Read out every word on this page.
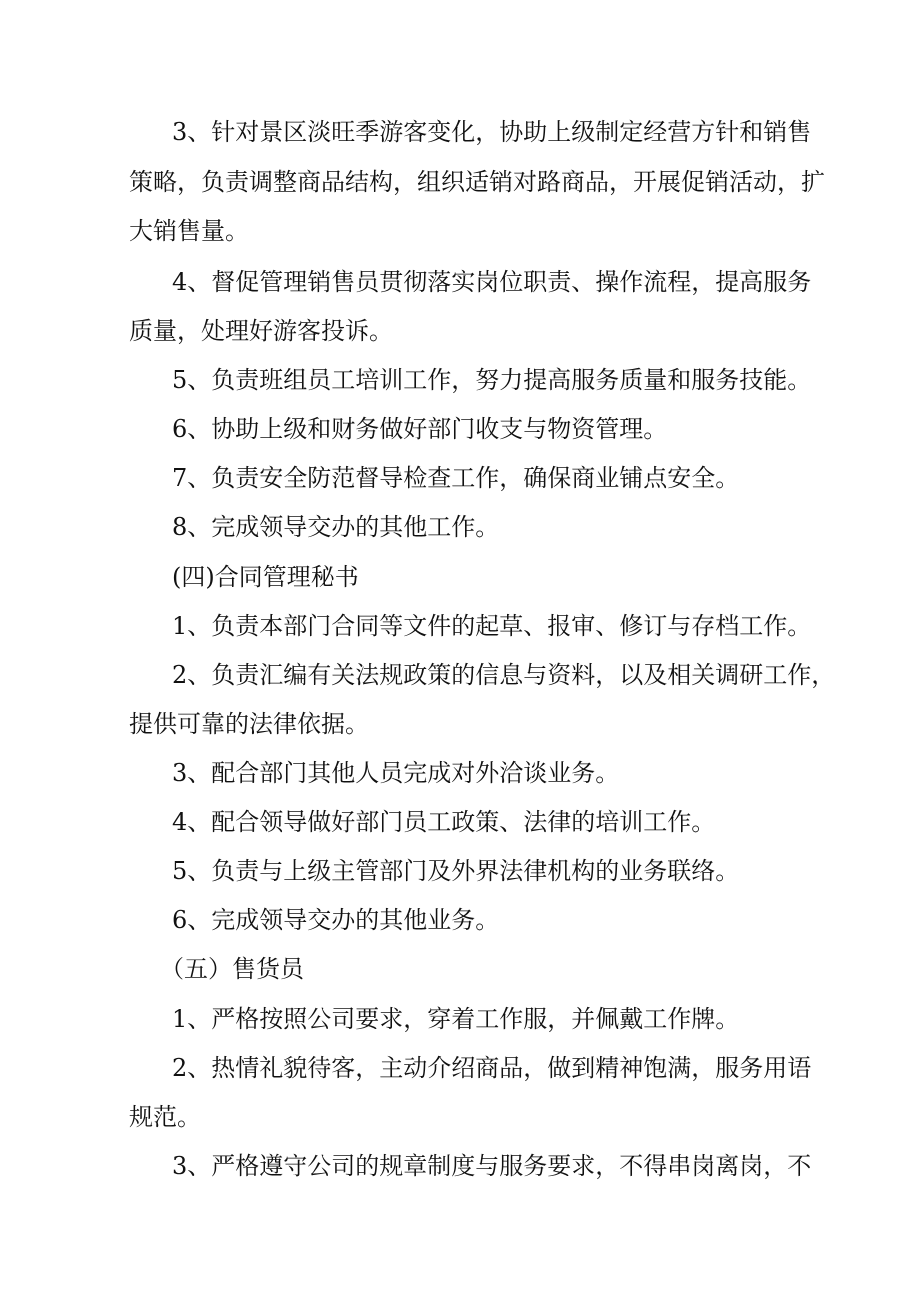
3、针对景区淡旺季游客变化，协助上级制定经营方针和销售
策略，负责调整商品结构，组织适销对路商品，开展促销活动，扩
大销售量。
4、督促管理销售员贯彻落实岗位职责、操作流程，提高服务
质量，处理好游客投诉。
5、负责班组员工培训工作，努力提高服务质量和服务技能。
6、协助上级和财务做好部门收支与物资管理。
7、负责安全防范督导检查工作，确保商业铺点安全。
8、完成领导交办的其他工作。
(四)合同管理秘书
1、负责本部门合同等文件的起草、报审、修订与存档工作。
2、负责汇编有关法规政策的信息与资料，以及相关调研工作，
提供可靠的法律依据。
3、配合部门其他人员完成对外洽谈业务。
4、配合领导做好部门员工政策、法律的培训工作。
5、负责与上级主管部门及外界法律机构的业务联络。
6、完成领导交办的其他业务。
（五）售货员
1、严格按照公司要求，穿着工作服，并佩戴工作牌。
2、热情礼貌待客，主动介绍商品，做到精神饱满，服务用语
规范。
3、严格遵守公司的规章制度与服务要求，不得串岗离岗，不
